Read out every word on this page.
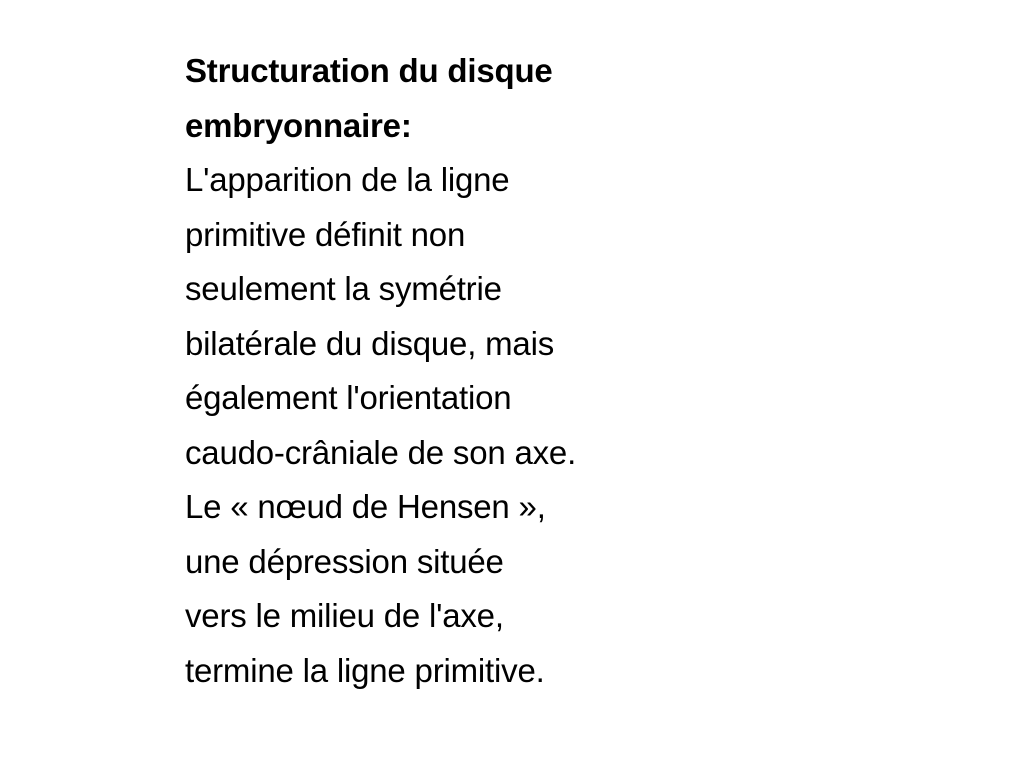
Structuration du disque
embryonnaire:
L'apparition de la ligne
primitive définit non
seulement la symétrie
bilatérale du disque, mais
également l'orientation
caudo-crâniale de son axe.
Le « nœud de Hensen »,
une dépression située
vers le milieu de l'axe,
termine la ligne primitive.
